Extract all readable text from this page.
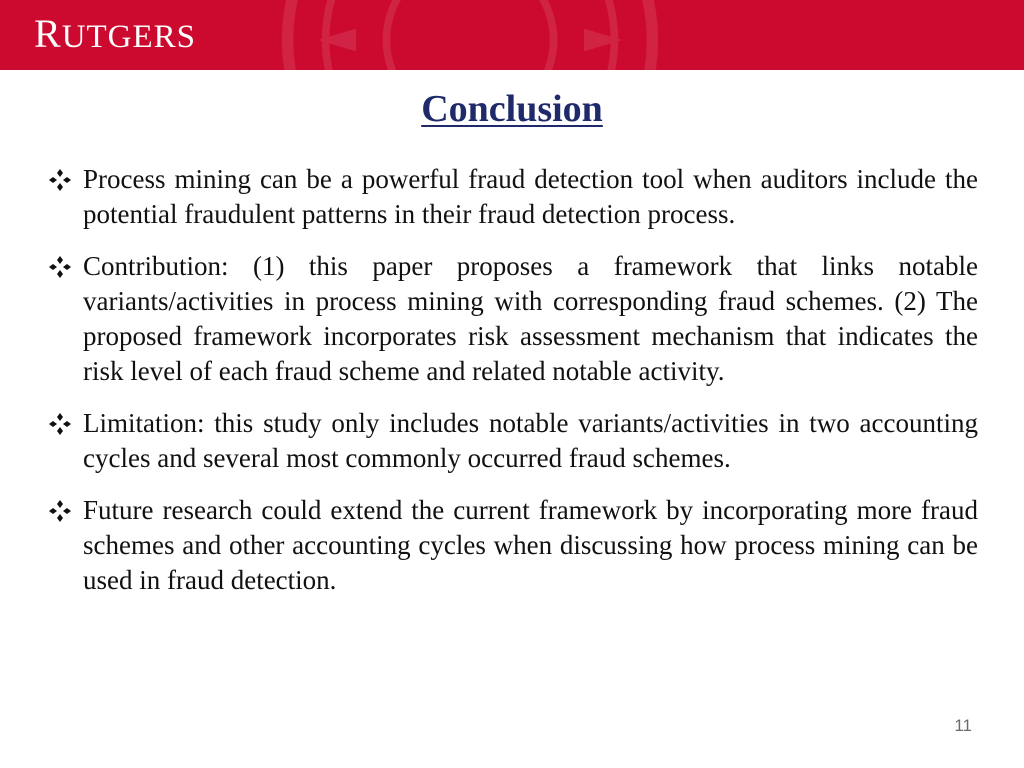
RUTGERS
Conclusion
Process mining can be a powerful fraud detection tool when auditors include the potential fraudulent patterns in their fraud detection process.
Contribution: (1) this paper proposes a framework that links notable variants/activities in process mining with corresponding fraud schemes. (2) The proposed framework incorporates risk assessment mechanism that indicates the risk level of each fraud scheme and related notable activity.
Limitation: this study only includes notable variants/activities in two accounting cycles and several most commonly occurred fraud schemes.
Future research could extend the current framework by incorporating more fraud schemes and other accounting cycles when discussing how process mining can be used in fraud detection.
11
